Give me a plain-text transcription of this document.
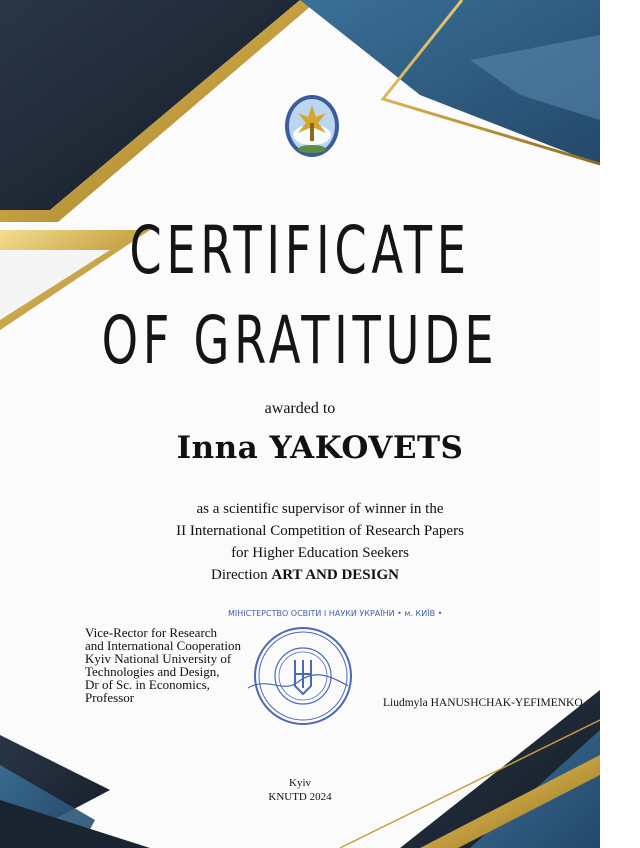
CERTIFICATE
OF GRATITUDE
awarded to
Inna YAKOVETS
as a scientific supervisor of winner in the
II International Competition of Research Papers
for Higher Education Seekers
Direction ART AND DESIGN
Vice-Rector for Research
and International Cooperation
Kyiv National University of
Technologies and Design,
Dr of Sc. in Economics,
Professor
МІНІСТЕРСТВО ОСВІТИ І НАУКИ УКРАЇНИ • м. КИЇВ •
Liudmyla HANUSHCHAK-YEFIMENKO
Kyiv
KNUTD 2024
